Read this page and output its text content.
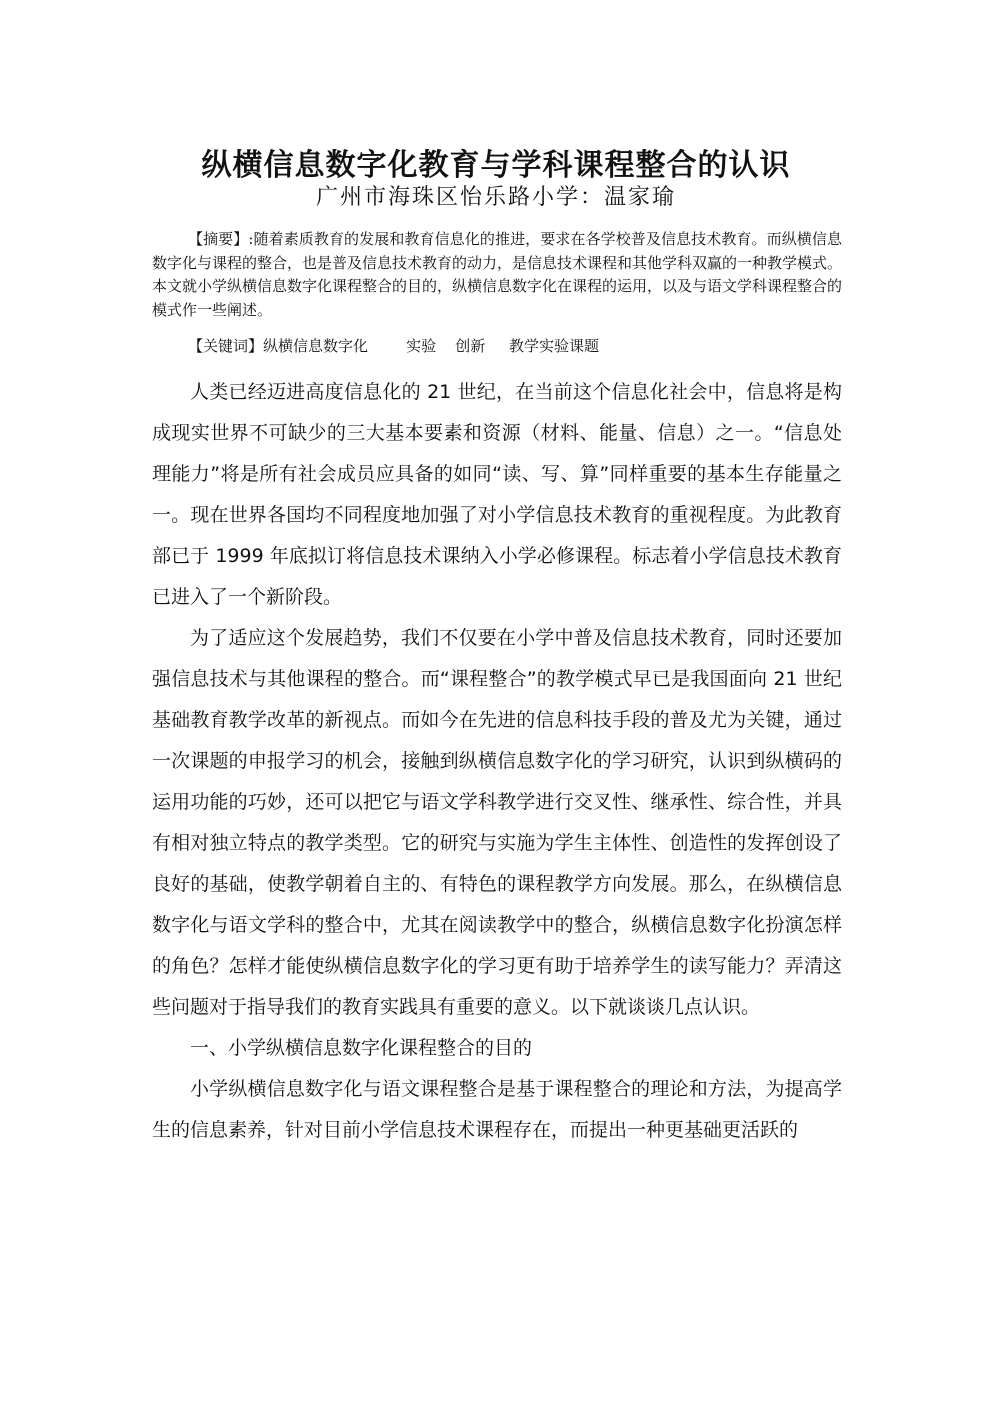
纵横信息数字化教育与学科课程整合的认识
广州市海珠区怡乐路小学：温家瑜

【摘要】:随着素质教育的发展和教育信息化的推进，要求在各学校普及信息技术教育。而纵横信息数字化与课程的整合，也是普及信息技术教育的动力，是信息技术课程和其他学科双赢的一种教学模式。本文就小学纵横信息数字化课程整合的目的，纵横信息数字化在课程的运用，以及与语文学科课程整合的模式作一些阐述。

【关键词】纵横信息数字化        实验    创新     教学实验课题

人类已经迈进高度信息化的 21 世纪，在当前这个信息化社会中，信息将是构成现实世界不可缺少的三大基本要素和资源（材料、能量、信息）之一。“信息处理能力”将是所有社会成员应具备的如同“读、写、算”同样重要的基本生存能量之一。现在世界各国均不同程度地加强了对小学信息技术教育的重视程度。为此教育部已于 1999 年底拟订将信息技术课纳入小学必修课程。标志着小学信息技术教育已进入了一个新阶段。

为了适应这个发展趋势，我们不仅要在小学中普及信息技术教育，同时还要加强信息技术与其他课程的整合。而“课程整合”的教学模式早已是我国面向 21 世纪基础教育教学改革的新视点。而如今在先进的信息科技手段的普及尤为关键，通过一次课题的申报学习的机会，接触到纵横信息数字化的学习研究，认识到纵横码的运用功能的巧妙，还可以把它与语文学科教学进行交叉性、继承性、综合性，并具有相对独立特点的教学类型。它的研究与实施为学生主体性、创造性的发挥创设了良好的基础，使教学朝着自主的、有特色的课程教学方向发展。那么，在纵横信息数字化与语文学科的整合中，尤其在阅读教学中的整合，纵横信息数字化扮演怎样的角色？怎样才能使纵横信息数字化的学习更有助于培养学生的读写能力？弄清这些问题对于指导我们的教育实践具有重要的意义。以下就谈谈几点认识。

一、小学纵横信息数字化课程整合的目的

小学纵横信息数字化与语文课程整合是基于课程整合的理论和方法，为提高学生的信息素养，针对目前小学信息技术课程存在，而提出一种更基础更活跃的
